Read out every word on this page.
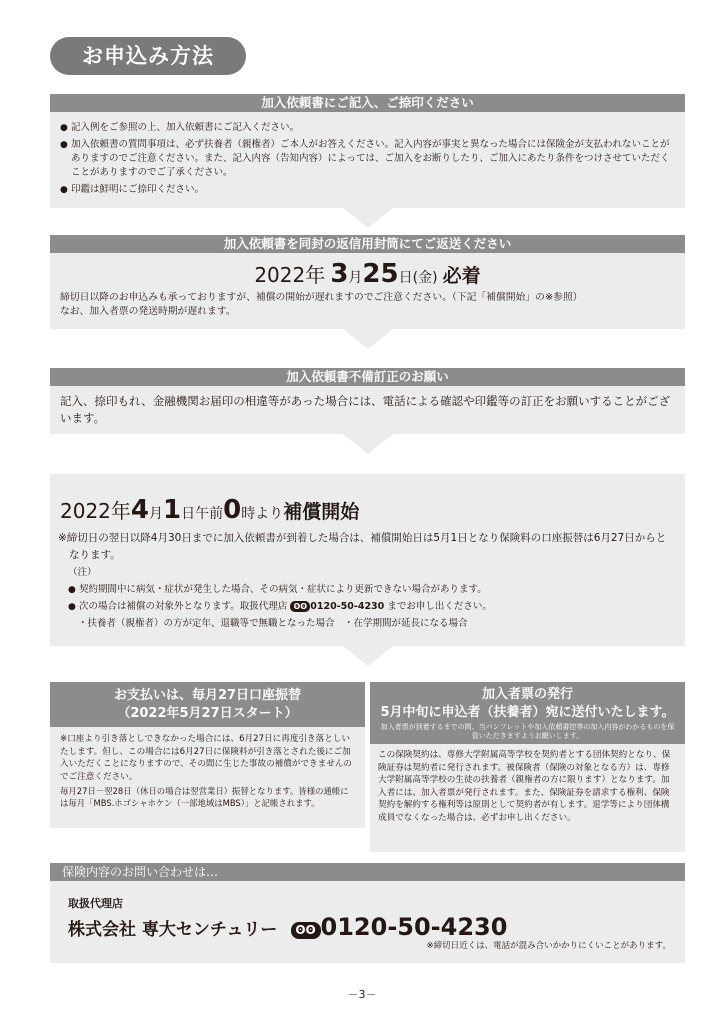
お申込み方法
加入依頼書にご記入、ご捺印ください
● 記入例をご参照の上、加入依頼書にご記入ください。
● 加入依頼書の質問事項は、必ず扶養者（親権者）ご本人がお答えください。記入内容が事実と異なった場合には保険金が支払われないことがありますのでご注意ください。また、記入内容（告知内容）によっては、ご加入をお断りしたり、ご加入にあたり条件をつけさせていただくことがありますのでご了承ください。
● 印鑑は鮮明にご捺印ください。
加入依頼書を同封の返信用封筒にてご返送ください
2022年 3月25日(金) 必着
締切日以降のお申込みも承っておりますが、補償の開始が遅れますのでご注意ください。（下記「補償開始」の※参照）
なお、加入者票の発送時期が遅れます。
加入依頼書不備訂正のお願い
記入、捺印もれ、金融機関お届印の相違等があった場合には、電話による確認や印鑑等の訂正をお願いすることがございます。
2022年4月1日午前0時より補償開始
※締切日の翌日以降4月30日までに加入依頼書が到着した場合は、補償開始日は5月1日となり保険料の口座振替は6月27日からとなります。
（注）
● 契約期間中に病気・症状が発生した場合、その病気・症状により更新できない場合があります。
● 次の場合は補償の対象外となります。取扱代理店 ʘʘ 0120-50-4230 までお申し出ください。
・扶養者（親権者）の方が定年、退職等で無職となった場合　・在学期間が延長になる場合
お支払いは、毎月27日口座振替
（2022年5月27日スタート）
※口座より引き落としできなかった場合には、6月27日に再度引き落としいたします。但し、この場合には6月27日に保険料が引き落とされた後にご加入いただくことになりますので、その間に生じた事故の補償ができませんのでご注意ください。
毎月27日－翌28日（休日の場合は翌営業日）振替となります。皆様の通帳には毎月「MBS.ホゴシャホケン（一部地域はMBS）」と記帳されます。
加入者票の発行
5月中旬に申込者（扶養者）宛に送付いたします。
加入者票が到着するまでの間、当パンフレットや加入依頼書控等の加入内容がわかるものを保管いただきますようお願いします。
この保険契約は、専修大学附属高等学校を契約者とする団体契約となり、保険証券は契約者に発行されます。被保険者（保険の対象となる方）は、専修大学附属高等学校の生徒の扶養者（親権者の方に限ります）となります。加入者には、加入者票が発行されます。また、保険証券を請求する権利、保険契約を解約する権利等は原則として契約者が有します。退学等により団体構成員でなくなった場合は、必ずお申し出ください。
保険内容のお問い合わせは…
取扱代理店
株式会社 専大センチュリー ʘʘ 0120-50-4230
※締切日近くは、電話が混み合いかかりにくいことがあります。
－3－
